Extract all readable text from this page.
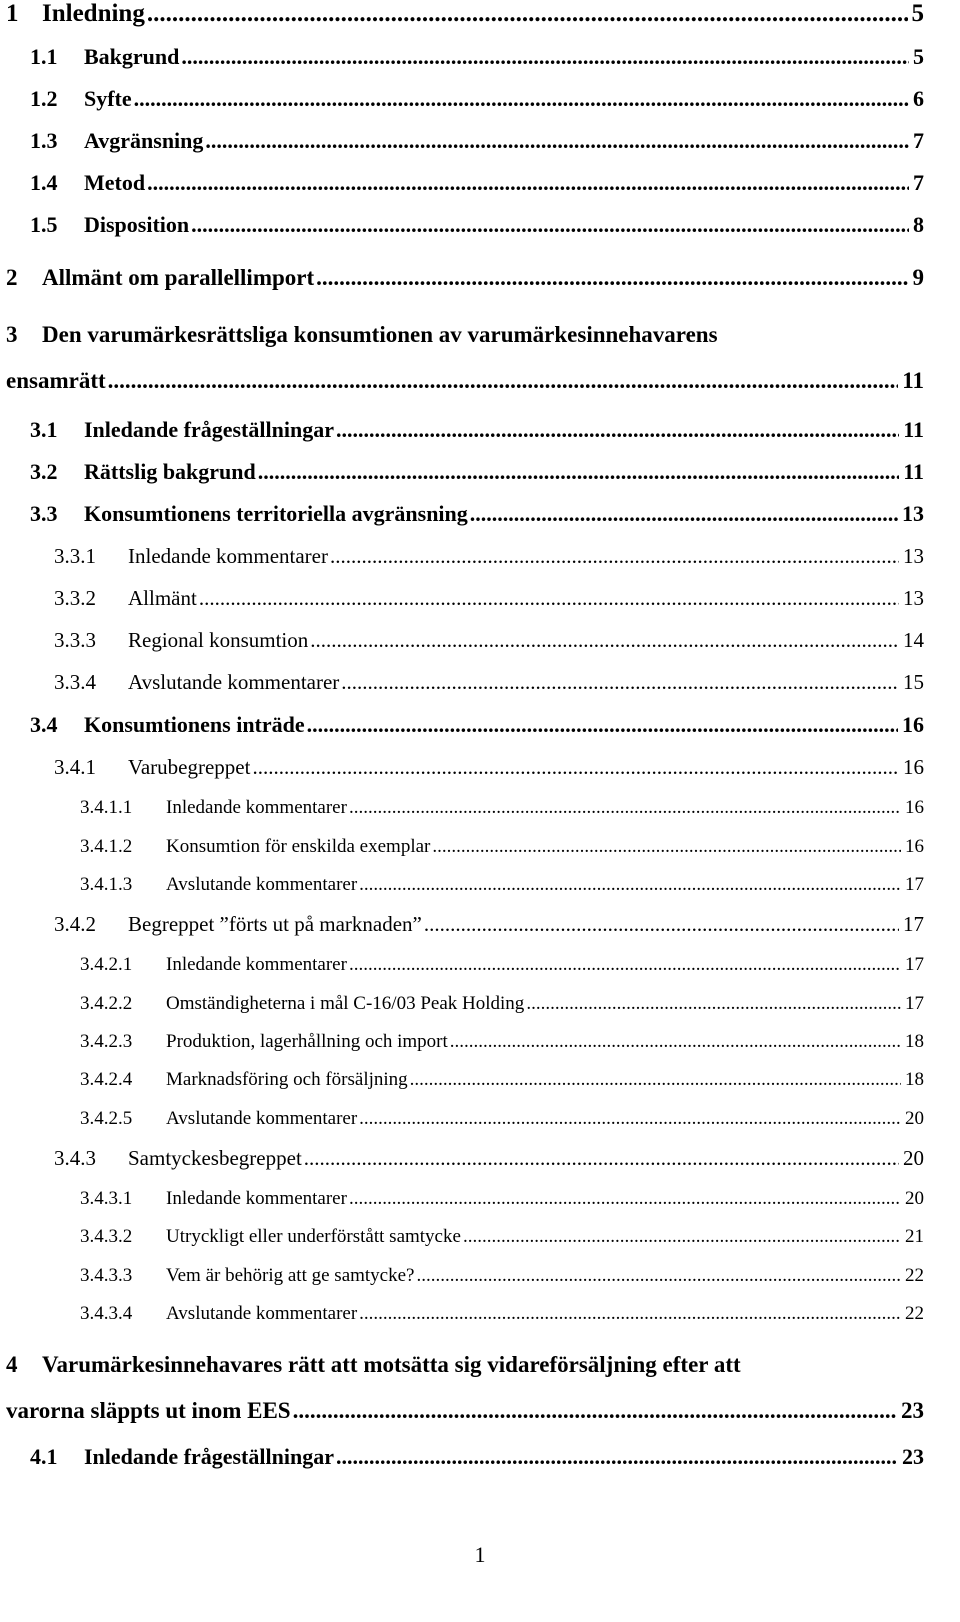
1 Inledning .....	5
1.1	Bakgrund .....	5
1.2	Syfte .....	6
1.3	Avgränsning .....	7
1.4	Metod .....	7
1.5	Disposition .....	8
2	Allmänt om parallellimport .....	9
3 Den varumärkesrättsliga konsumtionen av varumärkesinnehavarens
ensamrätt .....	11
3.1	Inledande frågeställningar .....	11
3.2	Rättslig bakgrund .....	11
3.3	Konsumtionens territoriella avgränsning .....	13
3.3.1	Inledande kommentarer .....	13
3.3.2	Allmänt .....	13
3.3.3	Regional konsumtion .....	14
3.3.4	Avslutande kommentarer .....	15
3.4	Konsumtionens inträde .....	16
3.4.1	Varubegreppet .....	16
3.4.1.1	Inledande kommentarer .....	16
3.4.1.2	Konsumtion för enskilda exemplar .....	16
3.4.1.3	Avslutande kommentarer .....	17
3.4.2	Begreppet ”förts ut på marknaden” .....	17
3.4.2.1	Inledande kommentarer .....	17
3.4.2.2	Omständigheterna i mål C-16/03 Peak Holding .....	17
3.4.2.3	Produktion, lagerhållning och import .....	18
3.4.2.4	Marknadsföring och försäljning .....	18
3.4.2.5	Avslutande kommentarer .....	20
3.4.3	Samtyckesbegreppet .....	20
3.4.3.1	Inledande kommentarer .....	20
3.4.3.2	Utryckligt eller underförstått samtycke .....	21
3.4.3.3	Vem är behörig att ge samtycke? .....	22
3.4.3.4	Avslutande kommentarer .....	22
4 Varumärkesinnehavares rätt att motsätta sig vidareförsäljning efter att
varorna släppts ut inom EES .....	23
4.1	Inledande frågeställningar .....	23
1
